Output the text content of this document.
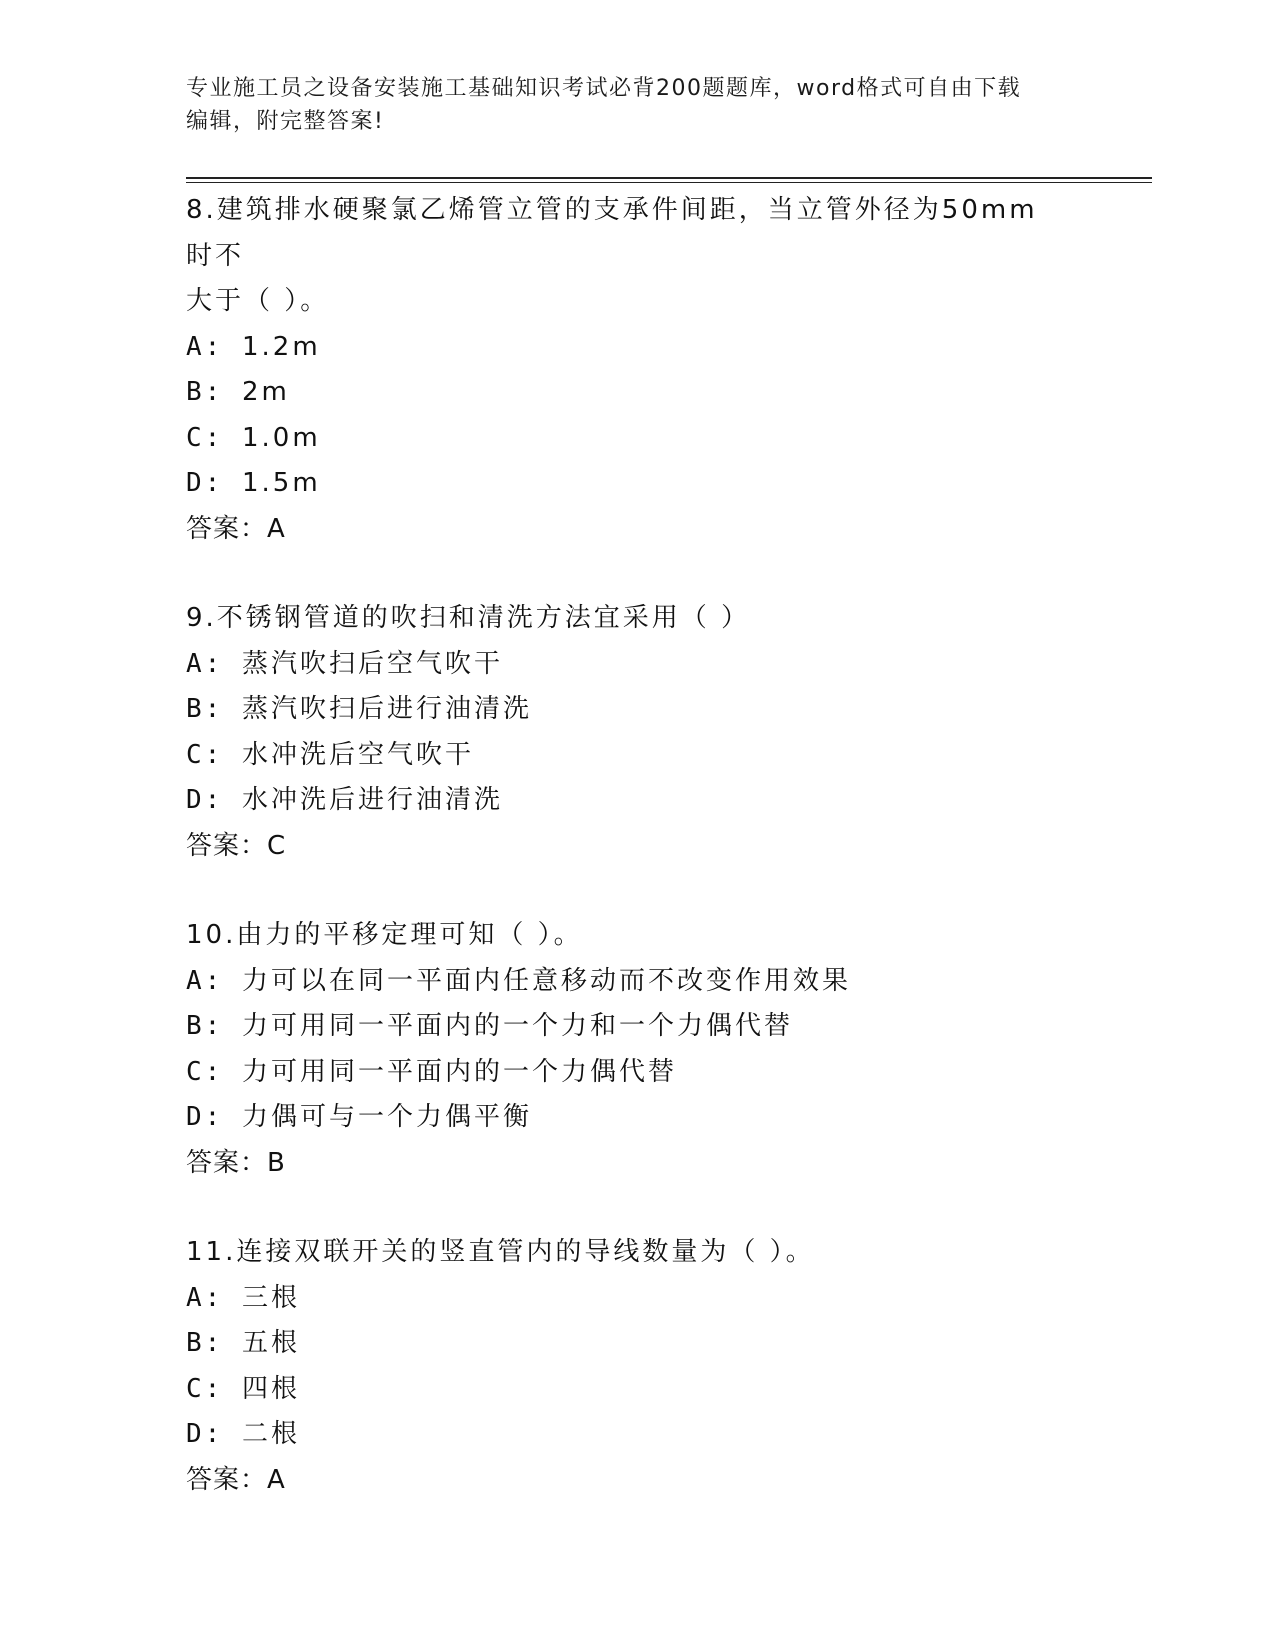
专业施工员之设备安装施工基础知识考试必背200题题库，word格式可自由下载
编辑，附完整答案!
8.建筑排水硬聚氯乙烯管立管的支承件间距，当立管外径为50mm时不
大于（ ）。
A: 1.2m
B: 2m
C: 1.0m
D: 1.5m
答案：A
9.不锈钢管道的吹扫和清洗方法宜采用（ ）
A: 蒸汽吹扫后空气吹干
B: 蒸汽吹扫后进行油清洗
C: 水冲洗后空气吹干
D: 水冲洗后进行油清洗
答案：C
10.由力的平移定理可知（ ）。
A: 力可以在同一平面内任意移动而不改变作用效果
B: 力可用同一平面内的一个力和一个力偶代替
C: 力可用同一平面内的一个力偶代替
D: 力偶可与一个力偶平衡
答案：B
11.连接双联开关的竖直管内的导线数量为（ ）。
A: 三根
B: 五根
C: 四根
D: 二根
答案：A
